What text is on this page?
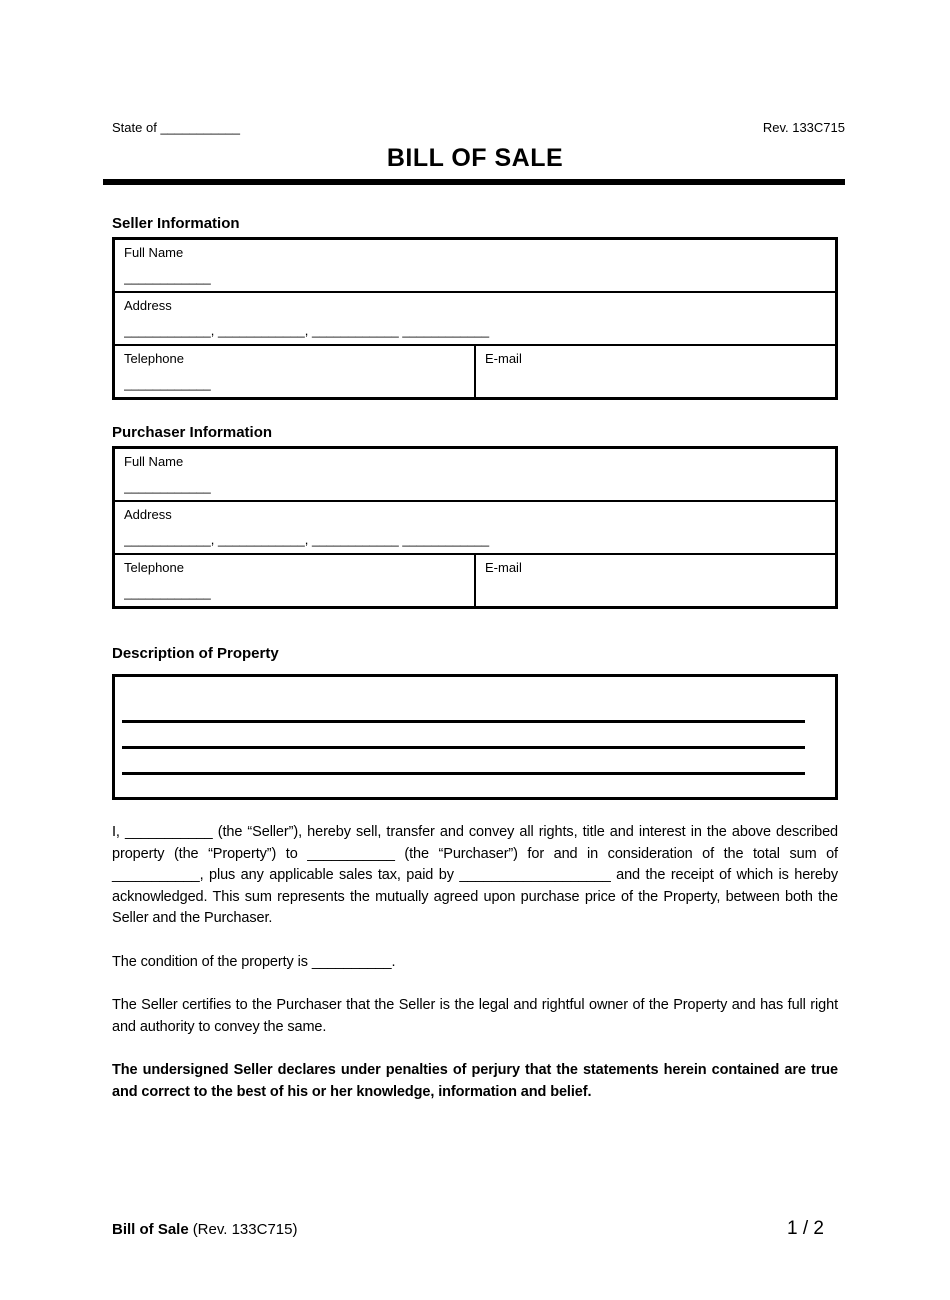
State of ___________	Rev. 133C715
BILL OF SALE
Seller Information
Full Name
____________

Address
____________, ____________, ____________ ____________

Telephone
____________

E-mail
Purchaser Information
Full Name
____________

Address
____________, ____________, ____________ ____________

Telephone
____________

E-mail
Description of Property

I, ___________ (the “Seller”), hereby sell, transfer and convey all rights, title and interest in the above described property (the “Property”) to ___________ (the “Purchaser”) for and in consideration of the total sum of ___________, plus any applicable sales tax, paid by ___________________ and the receipt of which is hereby acknowledged. This sum represents the mutually agreed upon purchase price of the Property, between both the Seller and the Purchaser.

The condition of the property is __________.

The Seller certifies to the Purchaser that the Seller is the legal and rightful owner of the Property and has full right and authority to convey the same.

The undersigned Seller declares under penalties of perjury that the statements herein contained are true and correct to the best of his or her knowledge, information and belief.

Bill of Sale (Rev. 133C715)	1 / 2
